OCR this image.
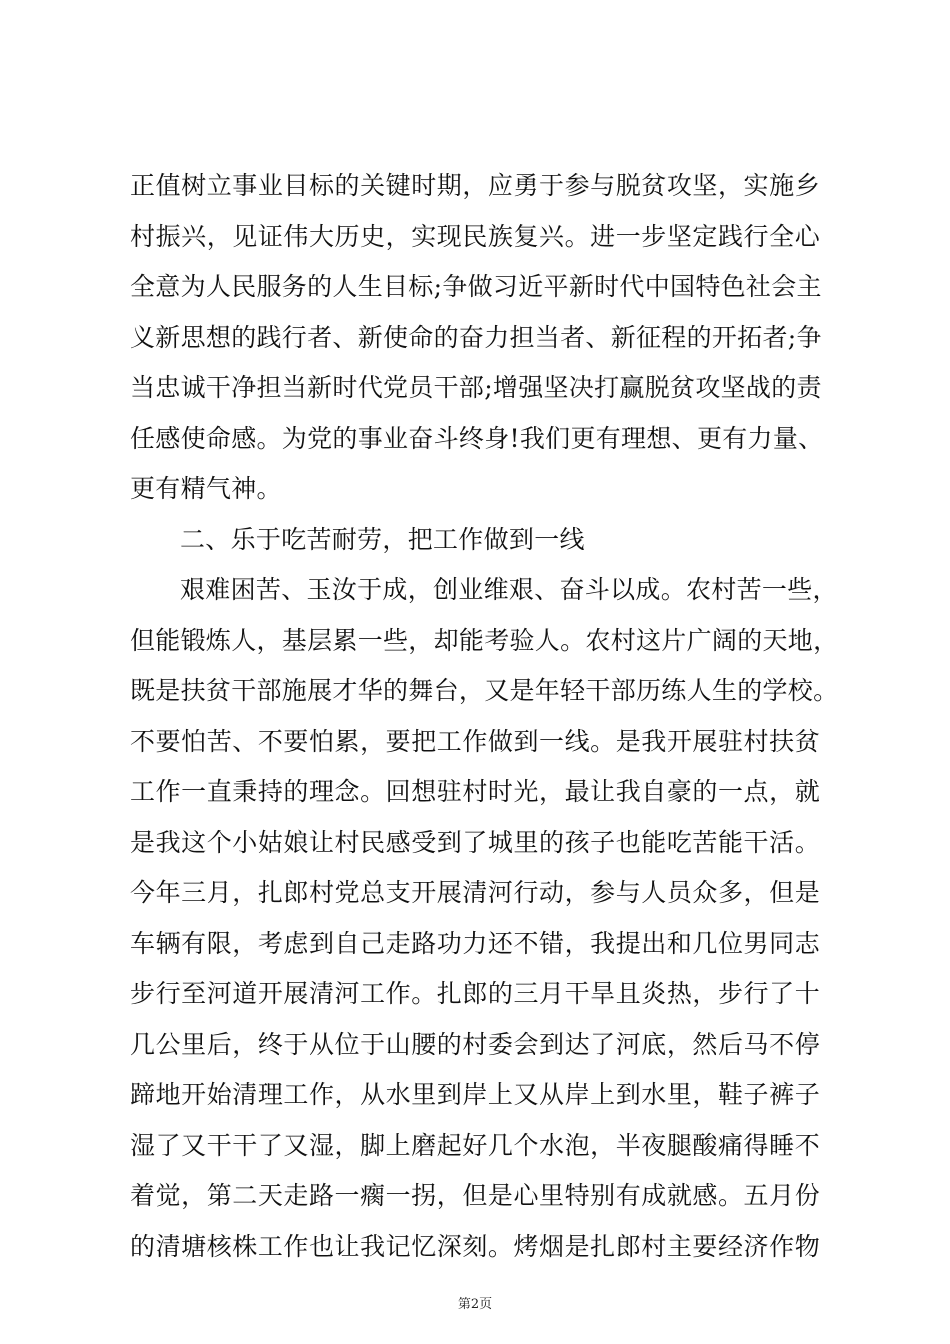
正值树立事业目标的关键时期，应勇于参与脱贫攻坚，实施乡
村振兴，见证伟大历史，实现民族复兴。进一步坚定践行全心
全意为人民服务的人生目标;争做习近平新时代中国特色社会主
义新思想的践行者、新使命的奋力担当者、新征程的开拓者;争
当忠诚干净担当新时代党员干部;增强坚决打赢脱贫攻坚战的责
任感使命感。为党的事业奋斗终身!我们更有理想、更有力量、
更有精气神。
二、乐于吃苦耐劳，把工作做到一线
艰难困苦、玉汝于成，创业维艰、奋斗以成。农村苦一些，
但能锻炼人，基层累一些，却能考验人。农村这片广阔的天地，
既是扶贫干部施展才华的舞台，又是年轻干部历练人生的学校。
不要怕苦、不要怕累，要把工作做到一线。是我开展驻村扶贫
工作一直秉持的理念。回想驻村时光，最让我自豪的一点，就
是我这个小姑娘让村民感受到了城里的孩子也能吃苦能干活。
今年三月，扎郎村党总支开展清河行动，参与人员众多，但是
车辆有限，考虑到自己走路功力还不错，我提出和几位男同志
步行至河道开展清河工作。扎郎的三月干旱且炎热，步行了十
几公里后，终于从位于山腰的村委会到达了河底，然后马不停
蹄地开始清理工作，从水里到岸上又从岸上到水里，鞋子裤子
湿了又干干了又湿，脚上磨起好几个水泡，半夜腿酸痛得睡不
着觉，第二天走路一瘸一拐，但是心里特别有成就感。五月份
的清塘核株工作也让我记忆深刻。烤烟是扎郎村主要经济作物
第2页
